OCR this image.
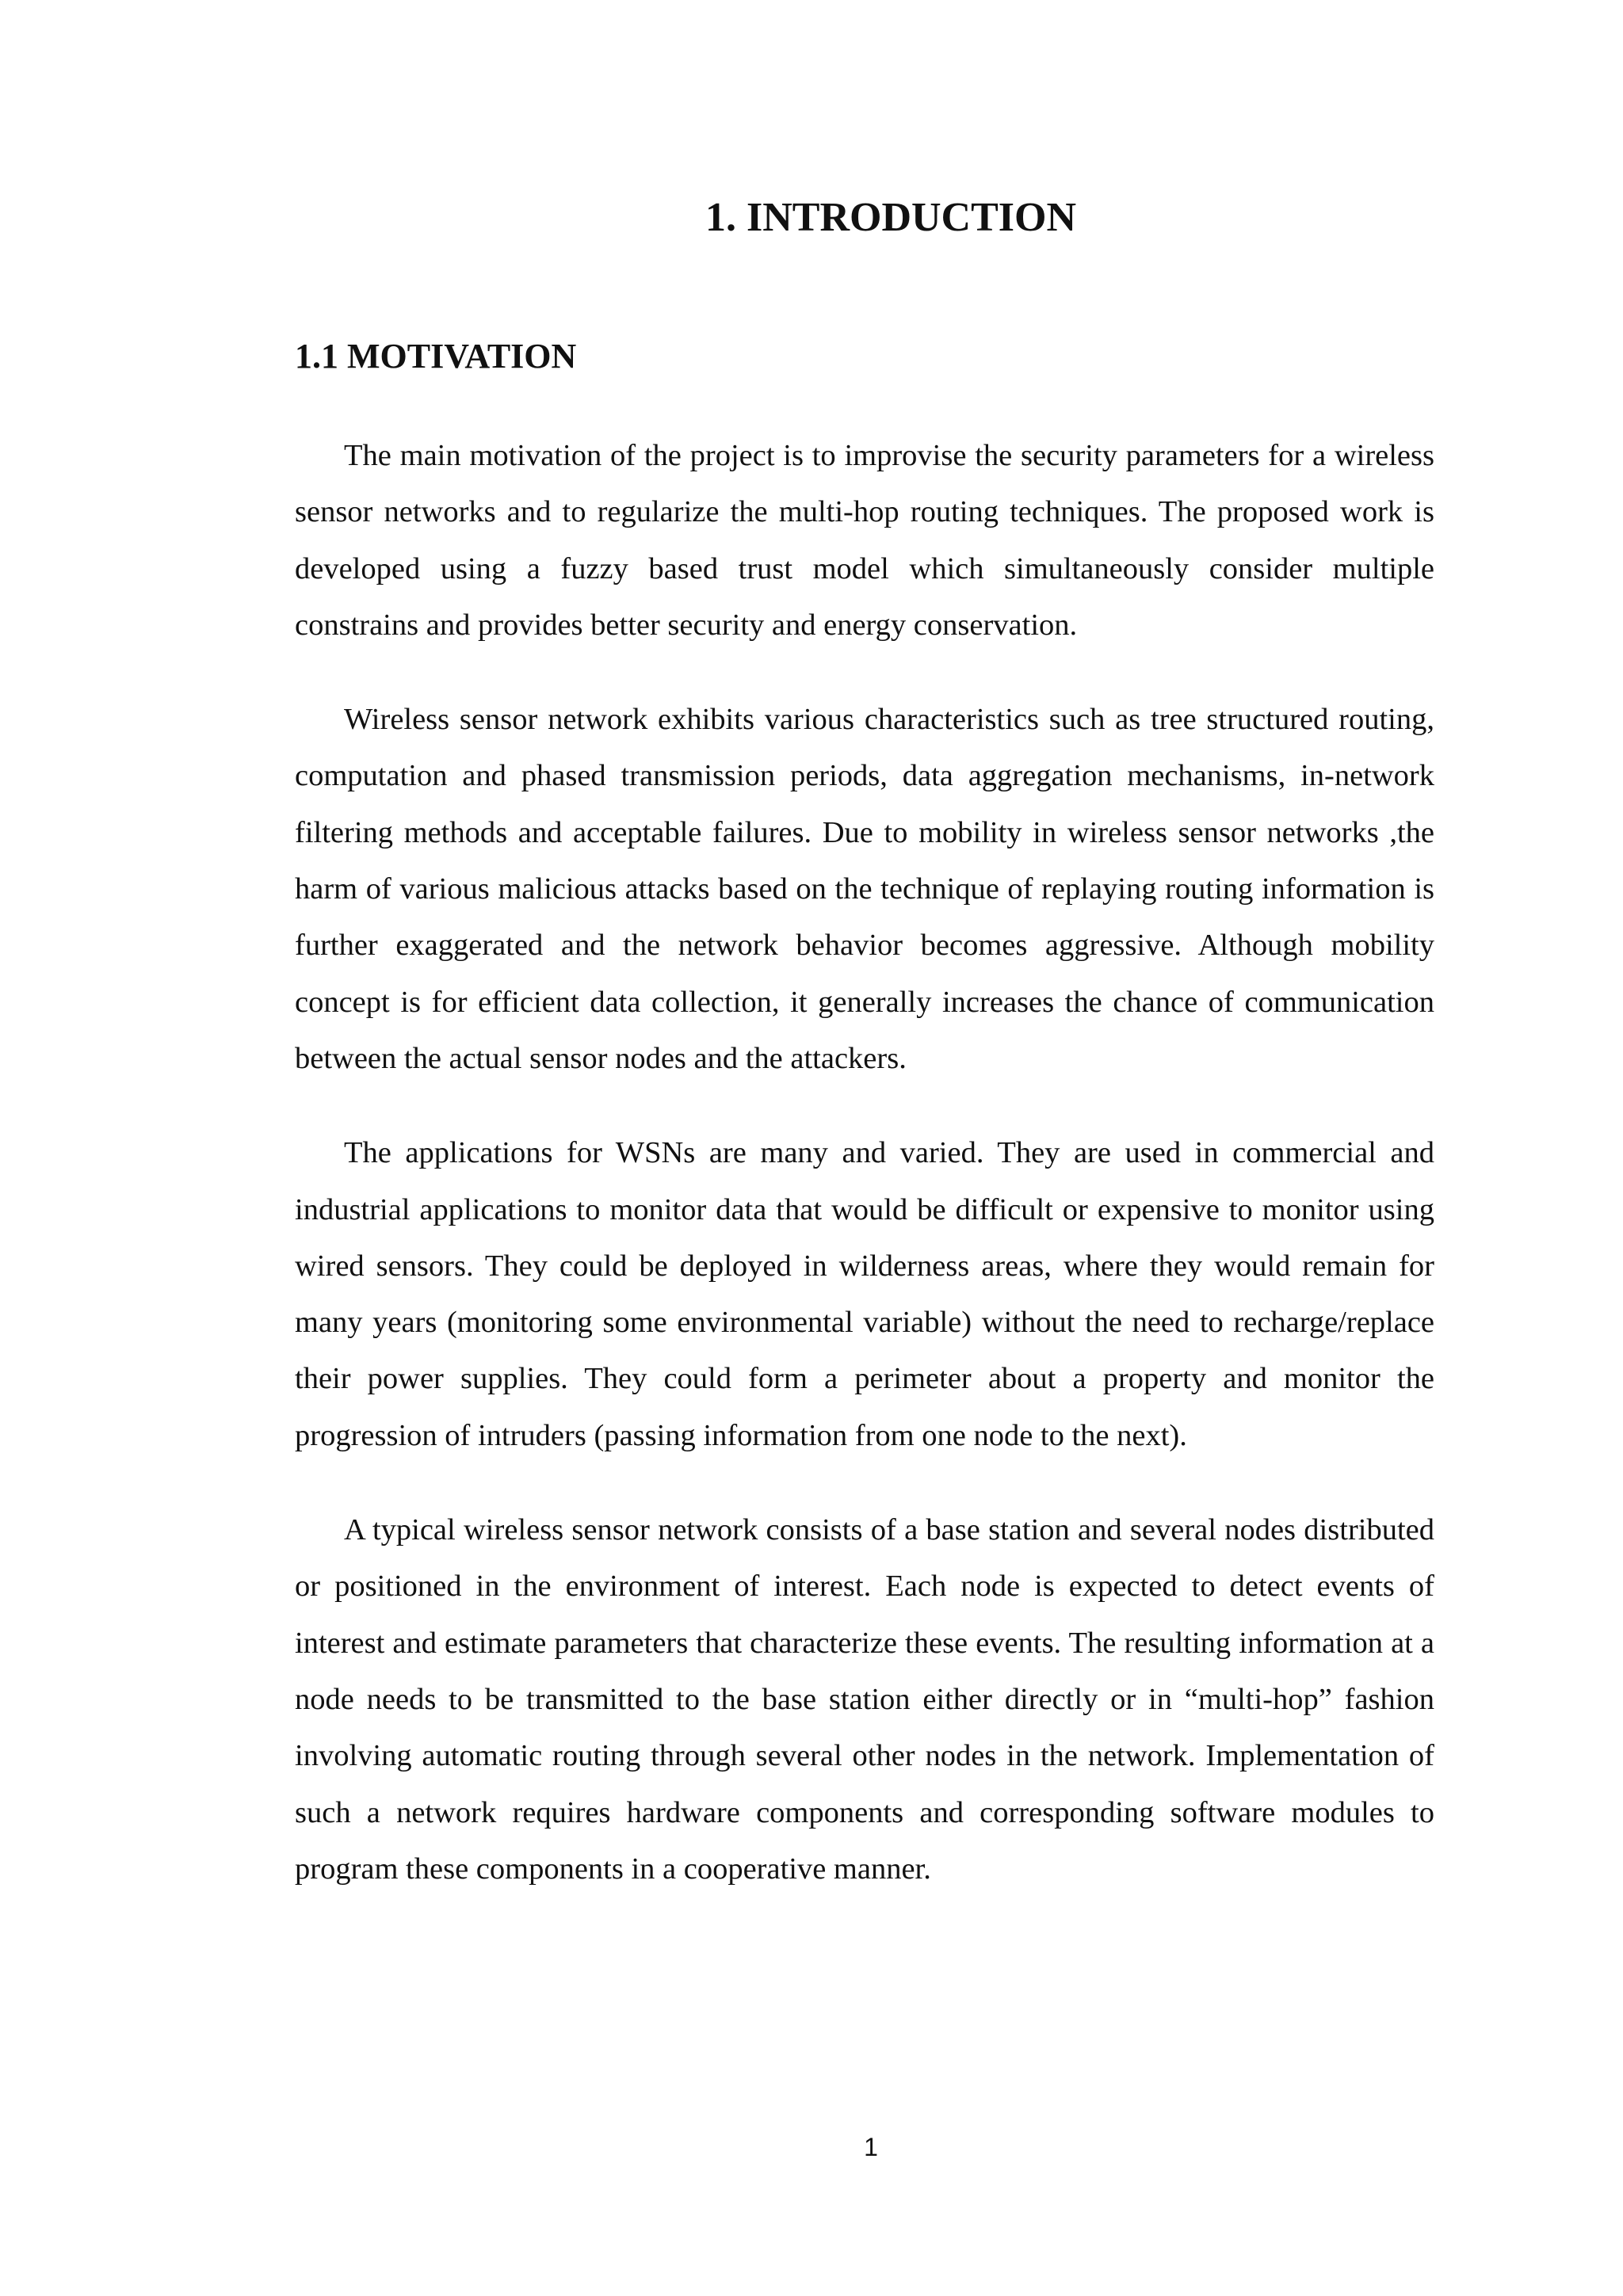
1. INTRODUCTION
1.1 MOTIVATION

The main motivation of the project is to improvise the security parameters for a wireless sensor networks and to regularize the multi-hop routing techniques. The proposed work is developed using a fuzzy based trust model which simultaneously consider multiple constrains and provides better security and energy conservation.

Wireless sensor network exhibits various characteristics such as tree structured routing, computation and phased transmission periods, data aggregation mechanisms, in-network filtering methods and acceptable failures. Due to mobility in wireless sensor networks ,the harm of various malicious attacks based on the technique of replaying routing information is further exaggerated and the network behavior becomes aggressive. Although mobility concept is for efficient data collection, it generally increases the chance of communication between the actual sensor nodes and the attackers.

The applications for WSNs are many and varied. They are used in commercial and industrial applications to monitor data that would be difficult or expensive to monitor using wired sensors. They could be deployed in wilderness areas, where they would remain for many years (monitoring some environmental variable) without the need to recharge/replace their power supplies. They could form a perimeter about a property and monitor the progression of intruders (passing information from one node to the next).

A typical wireless sensor network consists of a base station and several nodes distributed or positioned in the environment of interest. Each node is expected to detect events of interest and estimate parameters that characterize these events. The resulting information at a node needs to be transmitted to the base station either directly or in “multi-hop” fashion involving automatic routing through several other nodes in the network. Implementation of such a network requires hardware components and corresponding software modules to program these components in a cooperative manner.

1
